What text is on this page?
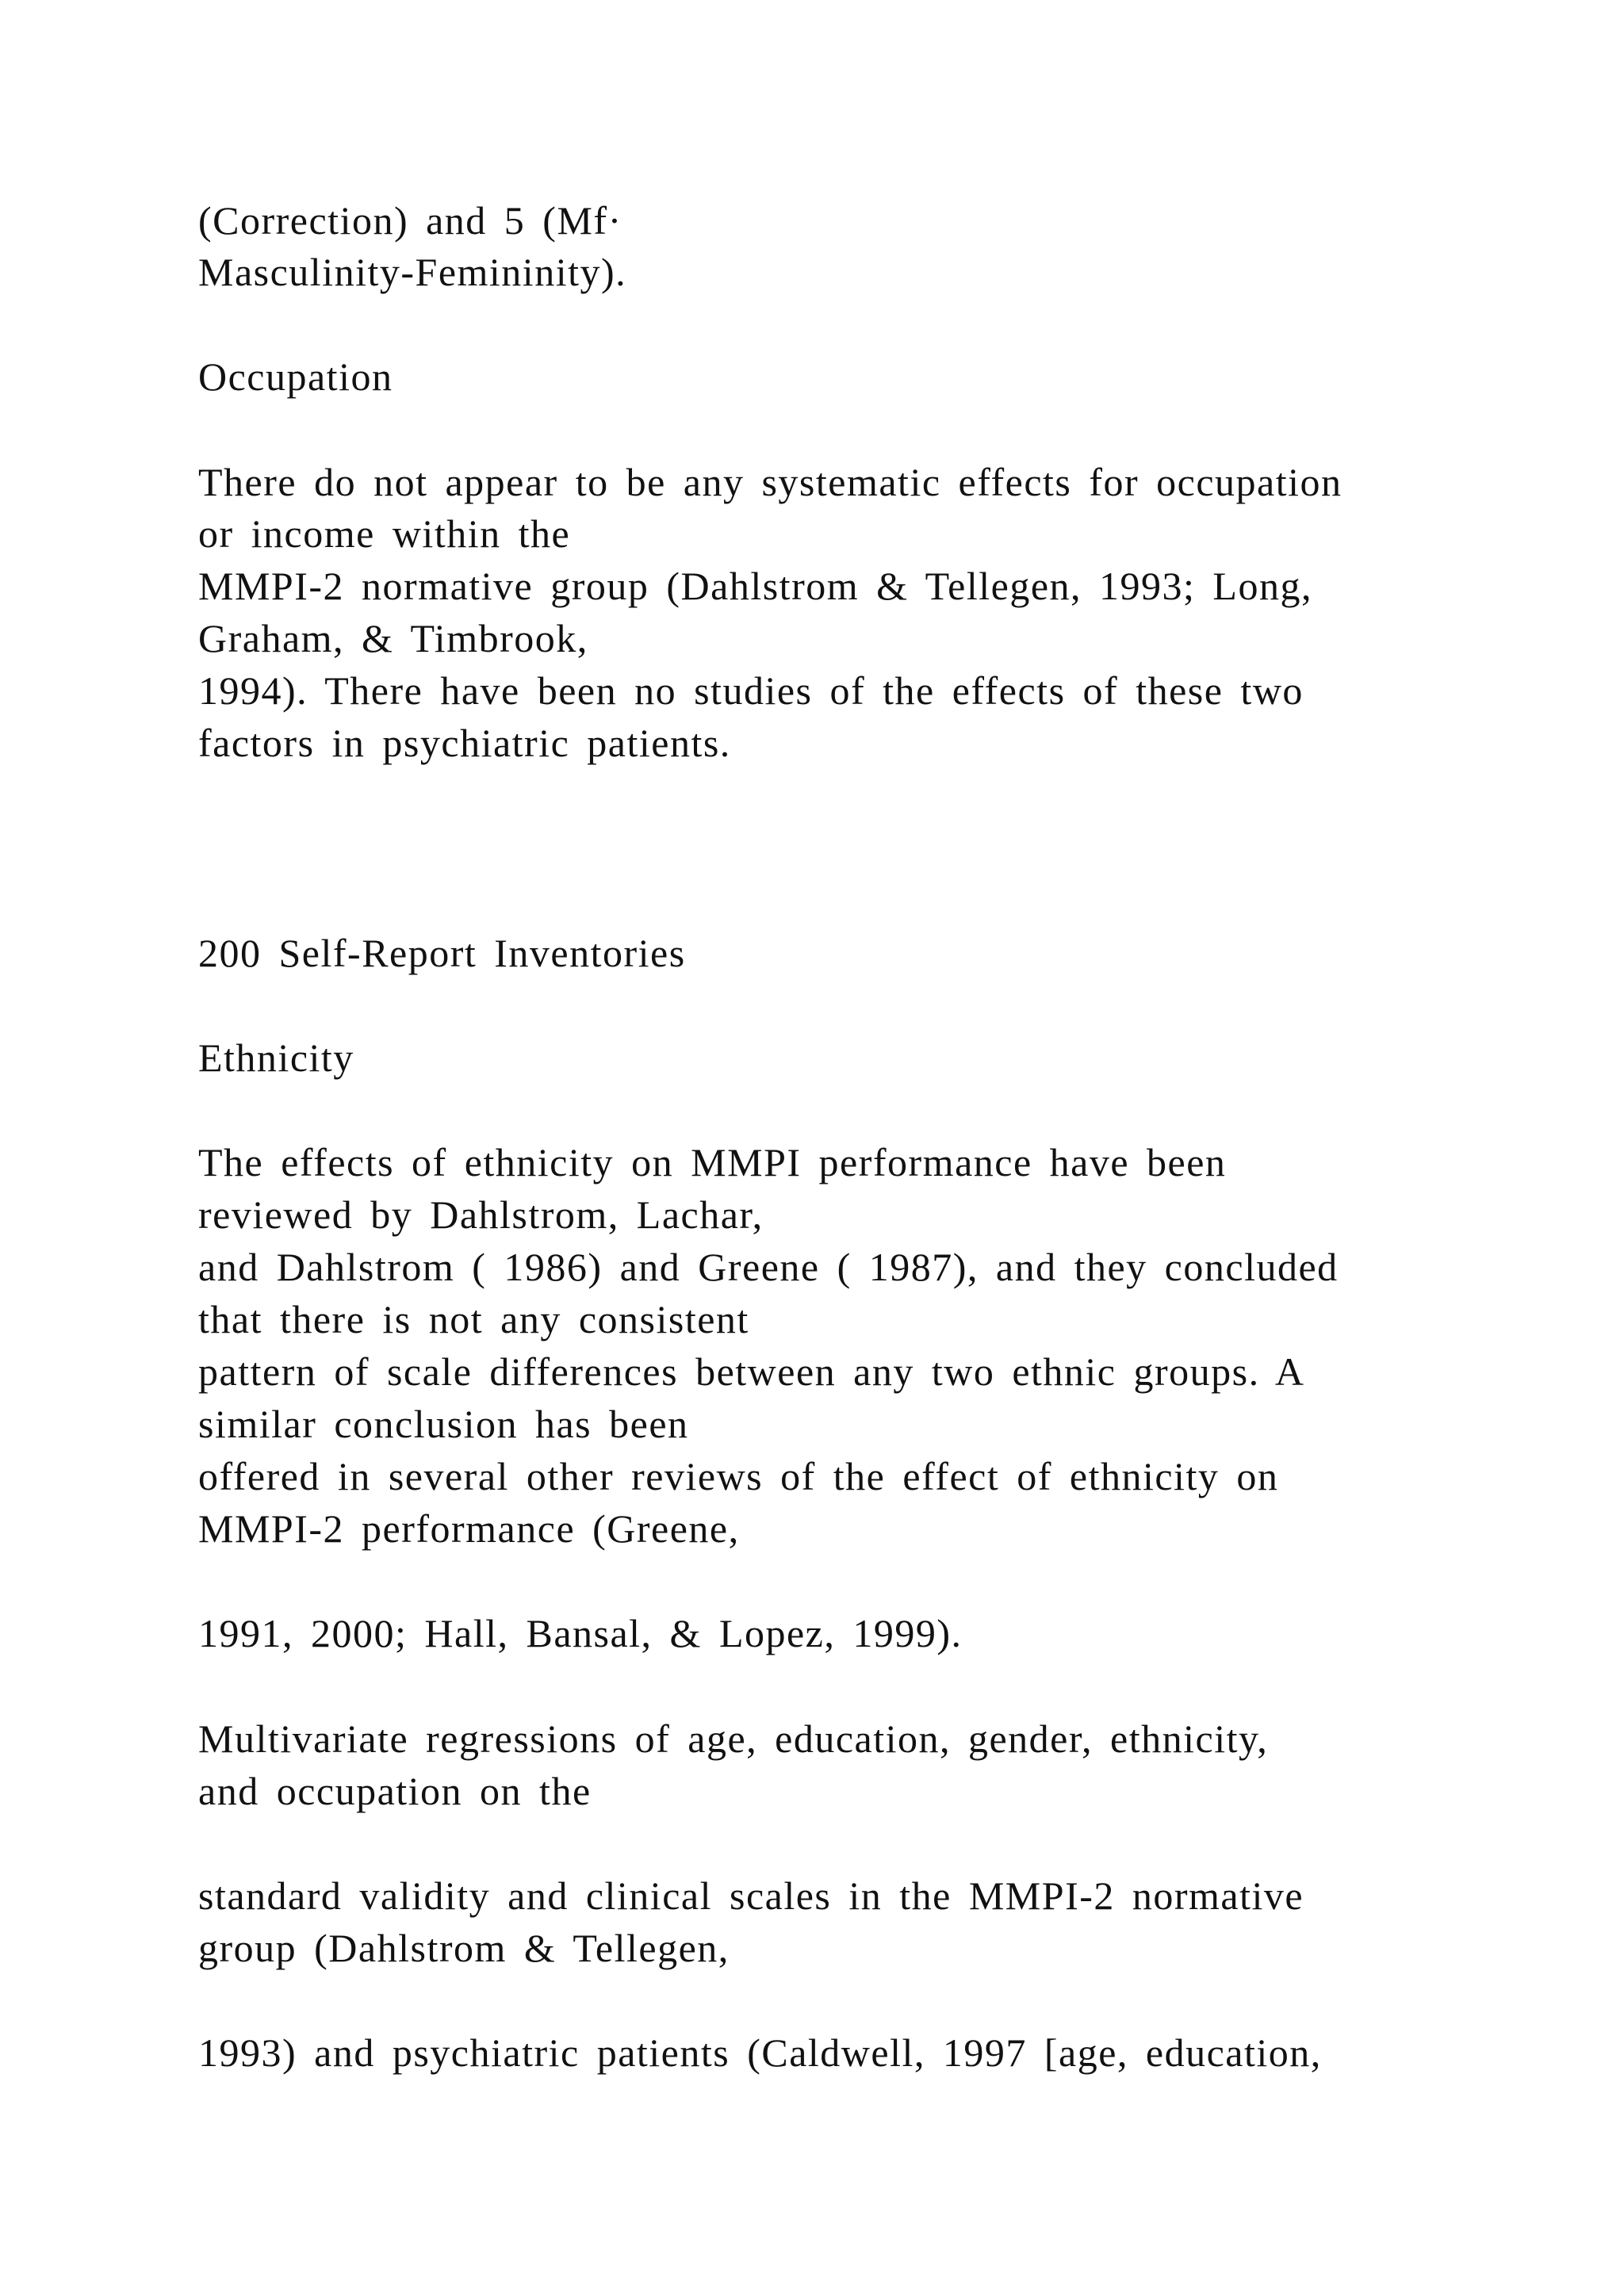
(Correction) and 5 (Mf·
Masculinity-Femininity).
Occupation
There do not appear to be any systematic effects for occupation
or income within the
MMPI-2 normative group (Dahlstrom & Tellegen, 1993; Long,
Graham, & Timbrook,
1994). There have been no studies of the effects of these two
factors in psychiatric patients.
200 Self-Report Inventories
Ethnicity
The effects of ethnicity on MMPI performance have been
reviewed by Dahlstrom, Lachar,
and Dahlstrom ( 1986) and Greene ( 1987), and they concluded
that there is not any consistent
pattern of scale differences between any two ethnic groups. A
similar conclusion has been
offered in several other reviews of the effect of ethnicity on
MMPI-2 performance (Greene,
1991, 2000; Hall, Bansal, & Lopez, 1999).
Multivariate regressions of age, education, gender, ethnicity,
and occupation on the
standard validity and clinical scales in the MMPI-2 normative
group (Dahlstrom & Tellegen,
1993) and psychiatric patients (Caldwell, 1997 [age, education,
